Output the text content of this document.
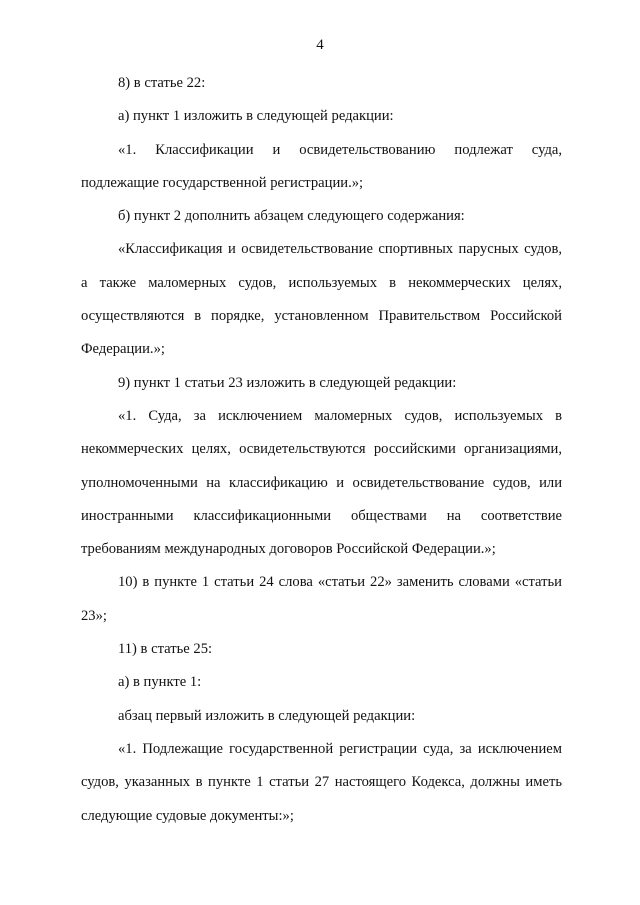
4

8) в статье 22:

а) пункт 1 изложить в следующей редакции:

«1. Классификации и освидетельствованию подлежат суда, подлежащие государственной регистрации.»;

б) пункт 2 дополнить абзацем следующего содержания:

«Классификация и освидетельствование спортивных парусных судов, а также маломерных судов, используемых в некоммерческих целях, осуществляются в порядке, установленном Правительством Российской Федерации.»;

9) пункт 1 статьи 23 изложить в следующей редакции:

«1. Суда, за исключением маломерных судов, используемых в некоммерческих целях, освидетельствуются российскими организациями, уполномоченными на классификацию и освидетельствование судов, или иностранными классификационными обществами на соответствие требованиям международных договоров Российской Федерации.»;

10) в пункте 1 статьи 24 слова «статьи 22» заменить словами «статьи 23»;

11) в статье 25:

а) в пункте 1:

абзац первый изложить в следующей редакции:

«1. Подлежащие государственной регистрации суда, за исключением судов, указанных в пункте 1 статьи 27 настоящего Кодекса, должны иметь следующие судовые документы:»;
